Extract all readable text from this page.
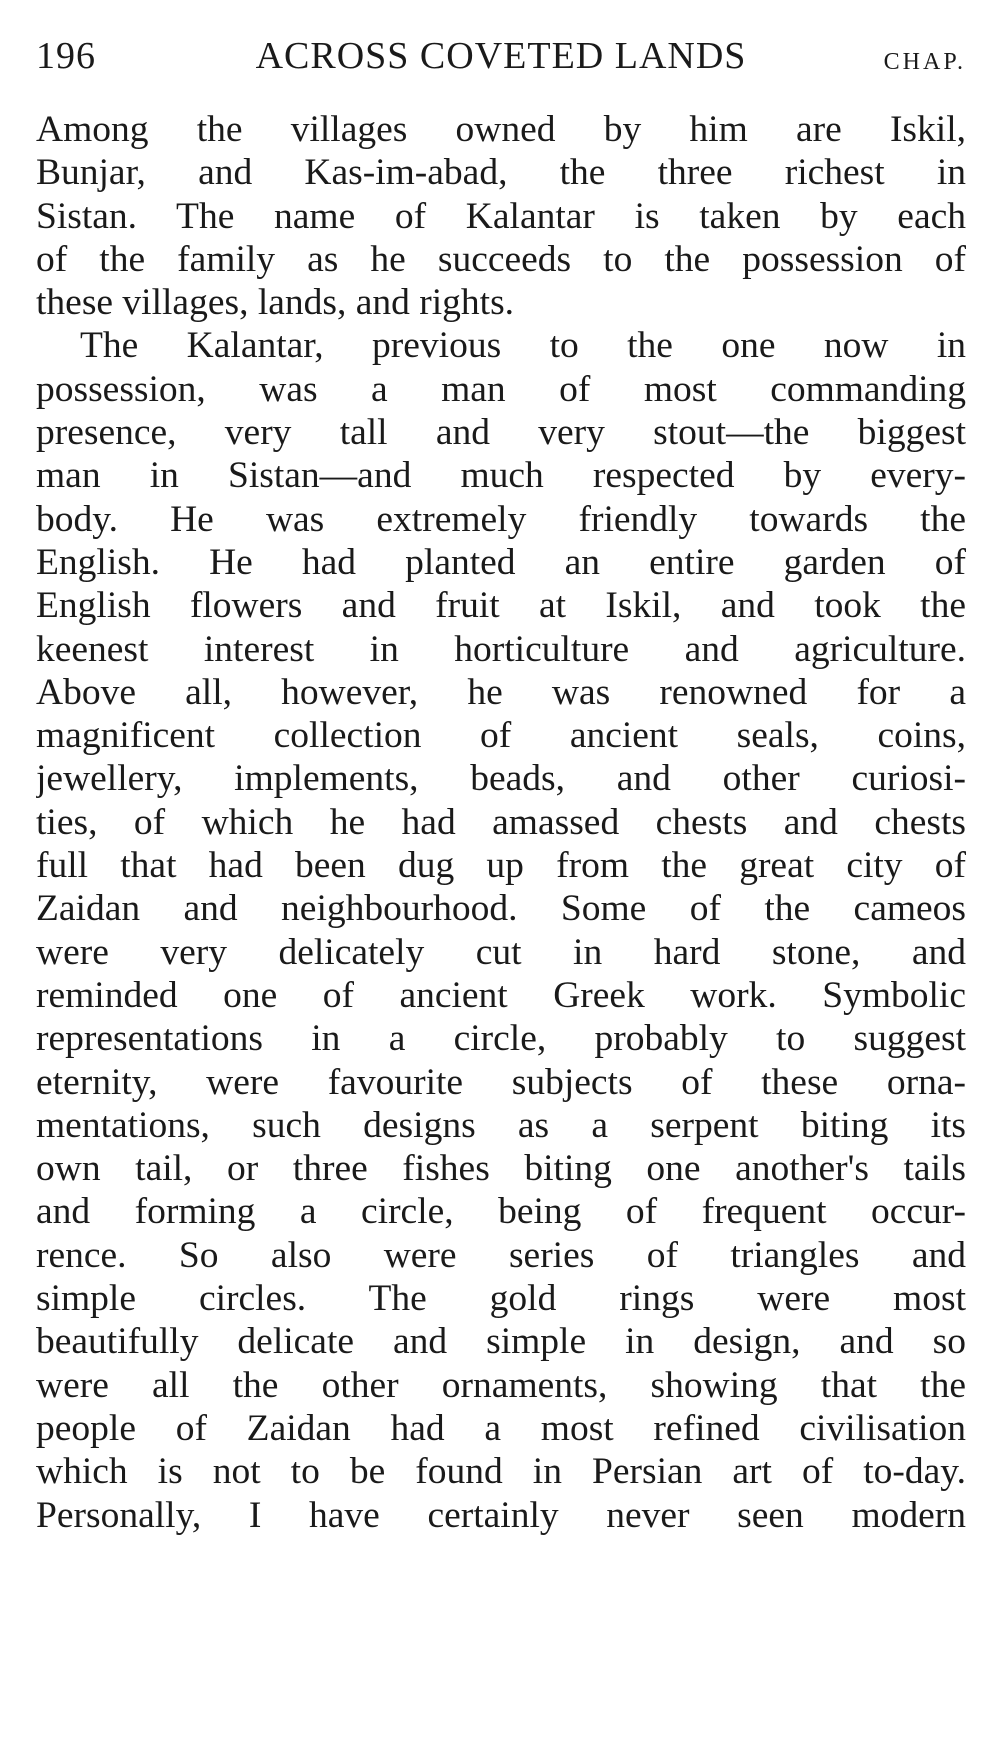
196	ACROSS COVETED LANDS	CHAP.
Among the villages owned by him are Iskil,
Bunjar, and Kas-im-abad, the three richest in
Sistan. The name of Kalantar is taken by each
of the family as he succeeds to the possession of
these villages, lands, and rights.
The Kalantar, previous to the one now in
possession, was a man of most commanding
presence, very tall and very stout—the biggest
man in Sistan—and much respected by every-
body. He was extremely friendly towards the
English. He had planted an entire garden of
English flowers and fruit at Iskil, and took the
keenest interest in horticulture and agriculture.
Above all, however, he was renowned for a
magnificent collection of ancient seals, coins,
jewellery, implements, beads, and other curiosi-
ties, of which he had amassed chests and chests
full that had been dug up from the great city of
Zaidan and neighbourhood. Some of the cameos
were very delicately cut in hard stone, and
reminded one of ancient Greek work. Symbolic
representations in a circle, probably to suggest
eternity, were favourite subjects of these orna-
mentations, such designs as a serpent biting its
own tail, or three fishes biting one another's tails
and forming a circle, being of frequent occur-
rence. So also were series of triangles and
simple circles. The gold rings were most
beautifully delicate and simple in design, and so
were all the other ornaments, showing that the
people of Zaidan had a most refined civilisation
which is not to be found in Persian art of to-day.
Personally, I have certainly never seen modern
